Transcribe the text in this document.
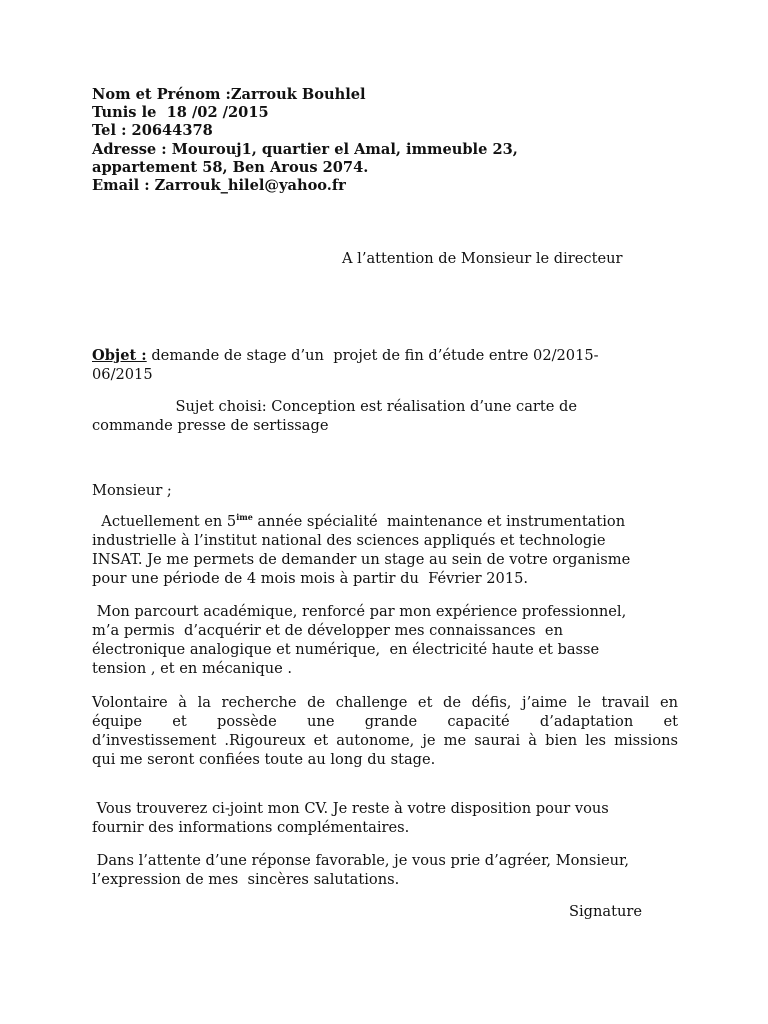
Nom et Prénom :Zarrouk Bouhlel
Tunis le  18 /02 /2015
Tel : 20644378
Adresse : Mourouj1, quartier el Amal, immeuble 23,
appartement 58, Ben Arous 2074.
Email : Zarrouk_hilel@yahoo.fr
A l’attention de Monsieur le directeur
Objet : demande de stage d’un  projet de fin d’étude entre 02/2015-
06/2015
Sujet choisi: Conception est réalisation d’une carte de
commande presse de sertissage
Monsieur ;
Actuellement en $5^{ime}$ année spécialité  maintenance et instrumentation
industrielle à l’institut national des sciences appliqués et technologie
INSAT. Je me permets de demander un stage au sein de votre organisme
pour une période de 4 mois mois à partir du  Février 2015.
Mon parcourt académique, renforcé par mon expérience professionnel,
m’a permis  d’acquérir et de développer mes connaissances  en
électronique analogique et numérique,  en électricité haute et basse
tension , et en mécanique .
Volontaire à la recherche de challenge et de défis, j’aime le travail en
équipe et possède une grande capacité d’adaptation et
d’investissement .Rigoureux et autonome, je me saurai à bien les missions
qui me seront confiées toute au long du stage.
Vous trouverez ci-joint mon CV. Je reste à votre disposition pour vous
fournir des informations complémentaires.
Dans l’attente d’une réponse favorable, je vous prie d’agréer, Monsieur,
l’expression de mes  sincères salutations.
Signature
